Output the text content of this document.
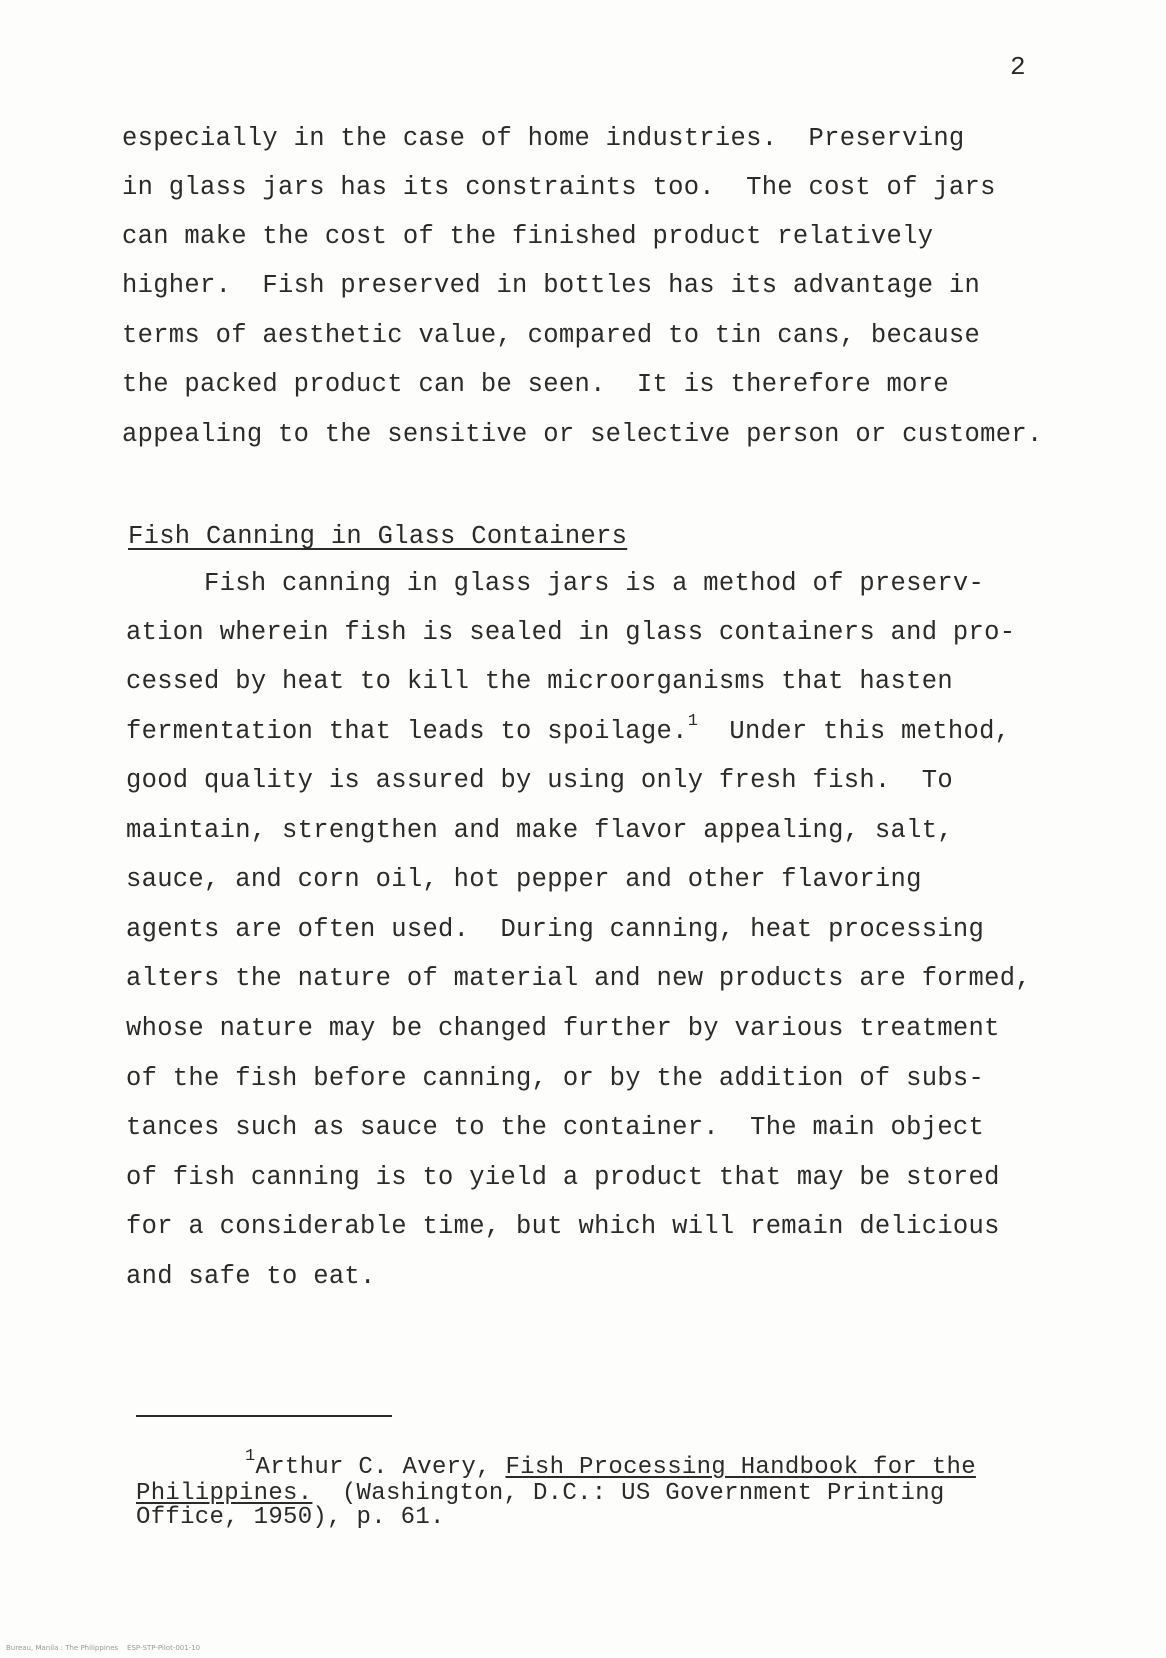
2
especially in the case of home industries.  Preserving
in glass jars has its constraints too.  The cost of jars
can make the cost of the finished product relatively
higher.  Fish preserved in bottles has its advantage in
terms of aesthetic value, compared to tin cans, because
the packed product can be seen.  It is therefore more
appealing to the sensitive or selective person or customer.
Fish Canning in Glass Containers
Fish canning in glass jars is a method of preserv-
ation wherein fish is sealed in glass containers and pro-
cessed by heat to kill the microorganisms that hasten
fermentation that leads to spoilage.$^1$  Under this method,
good quality is assured by using only fresh fish.  To
maintain, strengthen and make flavor appealing, salt,
sauce, and corn oil, hot pepper and other flavoring
agents are often used.  During canning, heat processing
alters the nature of material and new products are formed,
whose nature may be changed further by various treatment
of the fish before canning, or by the addition of subs-
tances such as sauce to the container.  The main object
of fish canning is to yield a product that may be stored
for a considerable time, but which will remain delicious
and safe to eat.
$^1$Arthur C. Avery, Fish Processing Handbook for the
Philippines.  (Washington, D.C.: US Government Printing
Office, 1950), p. 61.
Bureau, Manila : The Philippines    ESP-STP-Pilot-001-10
